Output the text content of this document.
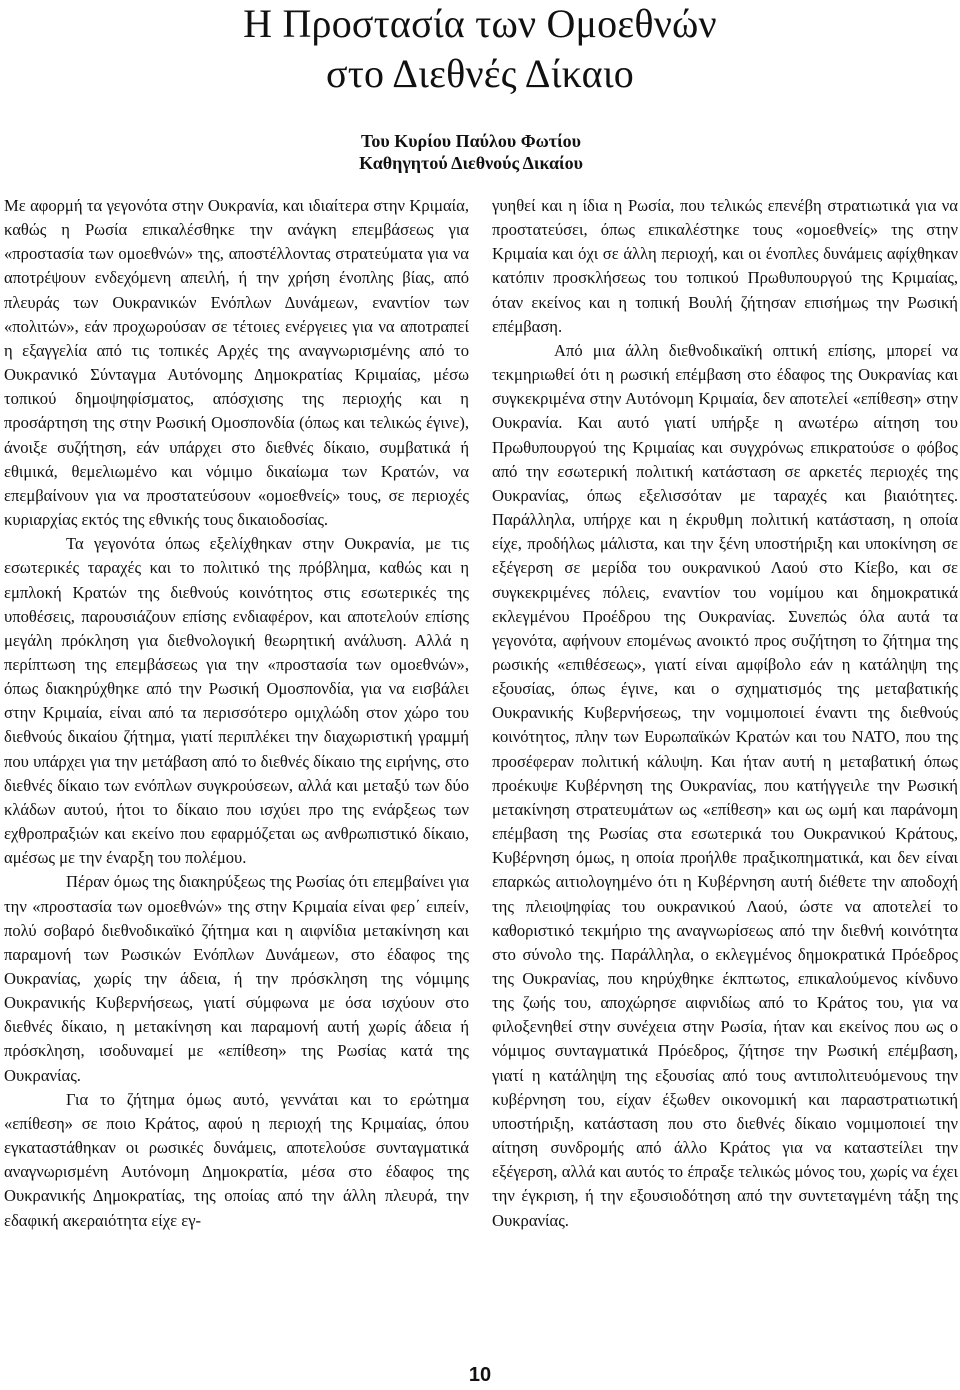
Η Προστασία των Ομοεθνών
στο Διεθνές Δίκαιο
Του Κυρίου Παύλου Φωτίου
Καθηγητού Διεθνούς Δικαίου

Με αφορμή τα γεγονότα στην Ουκρανία, και ιδιαίτερα στην Κριμαία, καθώς η Ρωσία επικαλέσθηκε την ανάγκη επεμβάσεως για «προστασία των ομοεθνών» της, αποστέλλοντας στρατεύματα για να αποτρέψουν ενδεχόμενη απειλή, ή την χρήση ένοπλης βίας, από πλευράς των Ουκρανικών Ενόπλων Δυνάμεων, εναντίον των «πολιτών», εάν προχωρούσαν σε τέτοιες ενέργειες για να αποτραπεί η εξαγγελία από τις τοπικές Αρχές της αναγνωρισμένης από το Ουκρανικό Σύνταγμα Αυτόνομης Δημοκρατίας Κριμαίας, μέσω τοπικού δημοψηφίσματος, απόσχισης της περιοχής και η προσάρτηση της στην Ρωσική Ομοσπονδία (όπως και τελικώς έγινε), άνοιξε συζήτηση, εάν υπάρχει στο διεθνές δίκαιο, συμβατικά ή εθιμικά, θεμελιωμένο και νόμιμο δικαίωμα των Κρατών, να επεμβαίνουν για να προστατεύσουν «ομοεθνείς» τους, σε περιοχές κυριαρχίας εκτός της εθνικής τους δικαιοδοσίας.

Τα γεγονότα όπως εξελίχθηκαν στην Ουκρανία, με τις εσωτερικές ταραχές και το πολιτικό της πρόβλημα, καθώς και η εμπλοκή Κρατών της διεθνούς κοινότητος στις εσωτερικές της υποθέσεις, παρουσιάζουν επίσης ενδιαφέρον, και αποτελούν επίσης μεγάλη πρόκληση για διεθνολογική θεωρητική ανάλυση. Αλλά η περίπτωση της επεμβάσεως για την «προστασία των ομοεθνών», όπως διακηρύχθηκε από την Ρωσική Ομοσπονδία, για να εισβάλει στην Κριμαία, είναι από τα περισσότερο ομιχλώδη στον χώρο του διεθνούς δικαίου ζήτημα, γιατί περιπλέκει την διαχωριστική γραμμή που υπάρχει για την μετάβαση από το διεθνές δίκαιο της ειρήνης, στο διεθνές δίκαιο των ενόπλων συγκρούσεων, αλλά και μεταξύ των δύο κλάδων αυτού, ήτοι το δίκαιο που ισχύει προ της ενάρξεως των εχθροπραξιών και εκείνο που εφαρμόζεται ως ανθρωπιστικό δίκαιο, αμέσως με την έναρξη του πολέμου.

Πέραν όμως της διακηρύξεως της Ρωσίας ότι επεμβαίνει για την «προστασία των ομοεθνών» της στην Κριμαία είναι φερ΄ ειπείν, πολύ σοβαρό διεθνοδικαϊκό ζήτημα και η αιφνίδια μετακίνηση και παραμονή των Ρωσικών Ενόπλων Δυνάμεων, στο έδαφος της Ουκρανίας, χωρίς την άδεια, ή την πρόσκληση της νόμιμης Ουκρανικής Κυβερνήσεως, γιατί σύμφωνα με όσα ισχύουν στο διεθνές δίκαιο, η μετακίνηση και παραμονή αυτή χωρίς άδεια ή πρόσκληση, ισοδυναμεί με «επίθεση» της Ρωσίας κατά της Ουκρανίας.

Για το ζήτημα όμως αυτό, γεννάται και το ερώτημα «επίθεση» σε ποιο Κράτος, αφού η περιοχή της Κριμαίας, όπου εγκαταστάθηκαν οι ρωσικές δυνάμεις, αποτελούσε συνταγματικά αναγνωρισμένη Αυτόνομη Δημοκρατία, μέσα στο έδαφος της Ουκρανικής Δημοκρατίας, της οποίας από την άλλη πλευρά, την εδαφική ακεραιότητα είχε εγ-

γυηθεί και η ίδια η Ρωσία, που τελικώς επενέβη στρατιωτικά για να προστατεύσει, όπως επικαλέστηκε τους «ομοεθνείς» της στην Κριμαία και όχι σε άλλη περιοχή, και οι ένοπλες δυνάμεις αφίχθηκαν κατόπιν προσκλήσεως του τοπικού Πρωθυπουργού της Κριμαίας, όταν εκείνος και η τοπική Βουλή ζήτησαν επισήμως την Ρωσική επέμβαση.

Από μια άλλη διεθνοδικαϊκή οπτική επίσης, μπορεί να τεκμηριωθεί ότι η ρωσική επέμβαση στο έδαφος της Ουκρανίας και συγκεκριμένα στην Αυτόνομη Κριμαία, δεν αποτελεί «επίθεση» στην Ουκρανία. Και αυτό γιατί υπήρξε η ανωτέρω αίτηση του Πρωθυπουργού της Κριμαίας και συγχρόνως επικρατούσε ο φόβος από την εσωτερική πολιτική κατάσταση σε αρκετές περιοχές της Ουκρανίας, όπως εξελισσόταν με ταραχές και βιαιότητες. Παράλληλα, υπήρχε και η έκρυθμη πολιτική κατάσταση, η οποία είχε, προδήλως μάλιστα, και την ξένη υποστήριξη και υποκίνηση σε εξέγερση σε μερίδα του ουκρανικού Λαού στο Κίεβο, και σε συγκεκριμένες πόλεις, εναντίον του νομίμου και δημοκρατικά εκλεγμένου Προέδρου της Ουκρανίας. Συνεπώς όλα αυτά τα γεγονότα, αφήνουν επομένως ανοικτό προς συζήτηση το ζήτημα της ρωσικής «επιθέσεως», γιατί είναι αμφίβολο εάν η κατάληψη της εξουσίας, όπως έγινε, και ο σχηματισμός της μεταβατικής Ουκρανικής Κυβερνήσεως, την νομιμοποιεί έναντι της διεθνούς κοινότητος, πλην των Ευρωπαϊκών Κρατών και του ΝΑΤΟ, που της προσέφεραν πολιτική κάλυψη. Και ήταν αυτή η μεταβατική όπως προέκυψε Κυβέρνηση της Ουκρανίας, που κατήγγειλε την Ρωσική μετακίνηση στρατευμάτων ως «επίθεση» και ως ωμή και παράνομη επέμβαση της Ρωσίας στα εσωτερικά του Ουκρανικού Κράτους, Κυβέρνηση όμως, η οποία προήλθε πραξικοπηματικά, και δεν είναι επαρκώς αιτιολογημένο ότι η Κυβέρνηση αυτή διέθετε την αποδοχή της πλειοψηφίας του ουκρανικού Λαού, ώστε να αποτελεί το καθοριστικό τεκμήριο της αναγνωρίσεως από την διεθνή κοινότητα στο σύνολο της. Παράλληλα, ο εκλεγμένος δημοκρατικά Πρόεδρος της Ουκρανίας, που κηρύχθηκε έκπτωτος, επικαλούμενος κίνδυνο της ζωής του, αποχώρησε αιφνιδίως από το Κράτος του, για να φιλοξενηθεί στην συνέχεια στην Ρωσία, ήταν και εκείνος που ως ο νόμιμος συνταγματικά Πρόεδρος, ζήτησε την Ρωσική επέμβαση, γιατί η κατάληψη της εξουσίας από τους αντιπολιτευόμενους την κυβέρνηση του, είχαν έξωθεν οικονομική και παραστρατιωτική υποστήριξη, κατάσταση που στο διεθνές δίκαιο νομιμοποιεί την αίτηση συνδρομής από άλλο Κράτος για να καταστείλει την εξέγερση, αλλά και αυτός το έπραξε τελικώς μόνος του, χωρίς να έχει την έγκριση, ή την εξουσιοδότηση από την συντεταγμένη τάξη της Ουκρανίας.

10
